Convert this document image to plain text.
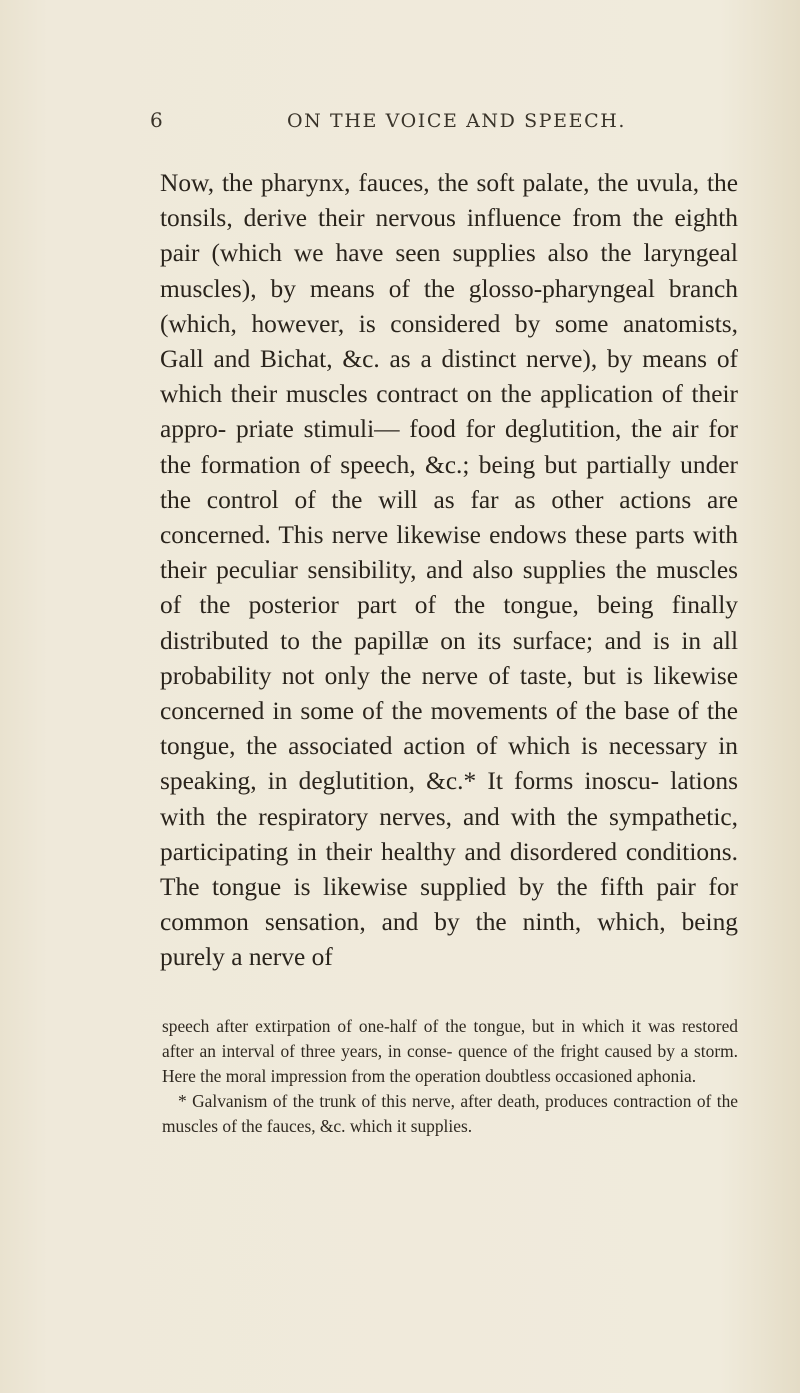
6	ON THE VOICE AND SPEECH.

Now, the pharynx, fauces, the soft palate, the uvula, the tonsils, derive their nervous influence from the eighth pair (which we have seen supplies also the laryngeal muscles), by means of the glosso-pharyngeal branch (which, however, is considered by some anatomists, Gall and Bichat, &c. as a distinct nerve), by means of which their muscles contract on the application of their appro- priate stimuli— food for deglutition, the air for the formation of speech, &c.; being but partially under the control of the will as far as other actions are concerned. This nerve likewise endows these parts with their peculiar sensibility, and also supplies the muscles of the posterior part of the tongue, being finally distributed to the papillæ on its surface; and is in all probability not only the nerve of taste, but is likewise concerned in some of the movements of the base of the tongue, the associated action of which is necessary in speaking, in deglutition, &c.* It forms inoscu- lations with the respiratory nerves, and with the sympathetic, participating in their healthy and disordered conditions. The tongue is likewise supplied by the fifth pair for common sensation, and by the ninth, which, being purely a nerve of

speech after extirpation of one-half of the tongue, but in which it was restored after an interval of three years, in conse- quence of the fright caused by a storm. Here the moral impression from the operation doubtless occasioned aphonia.

* Galvanism of the trunk of this nerve, after death, produces contraction of the muscles of the fauces, &c. which it supplies.
